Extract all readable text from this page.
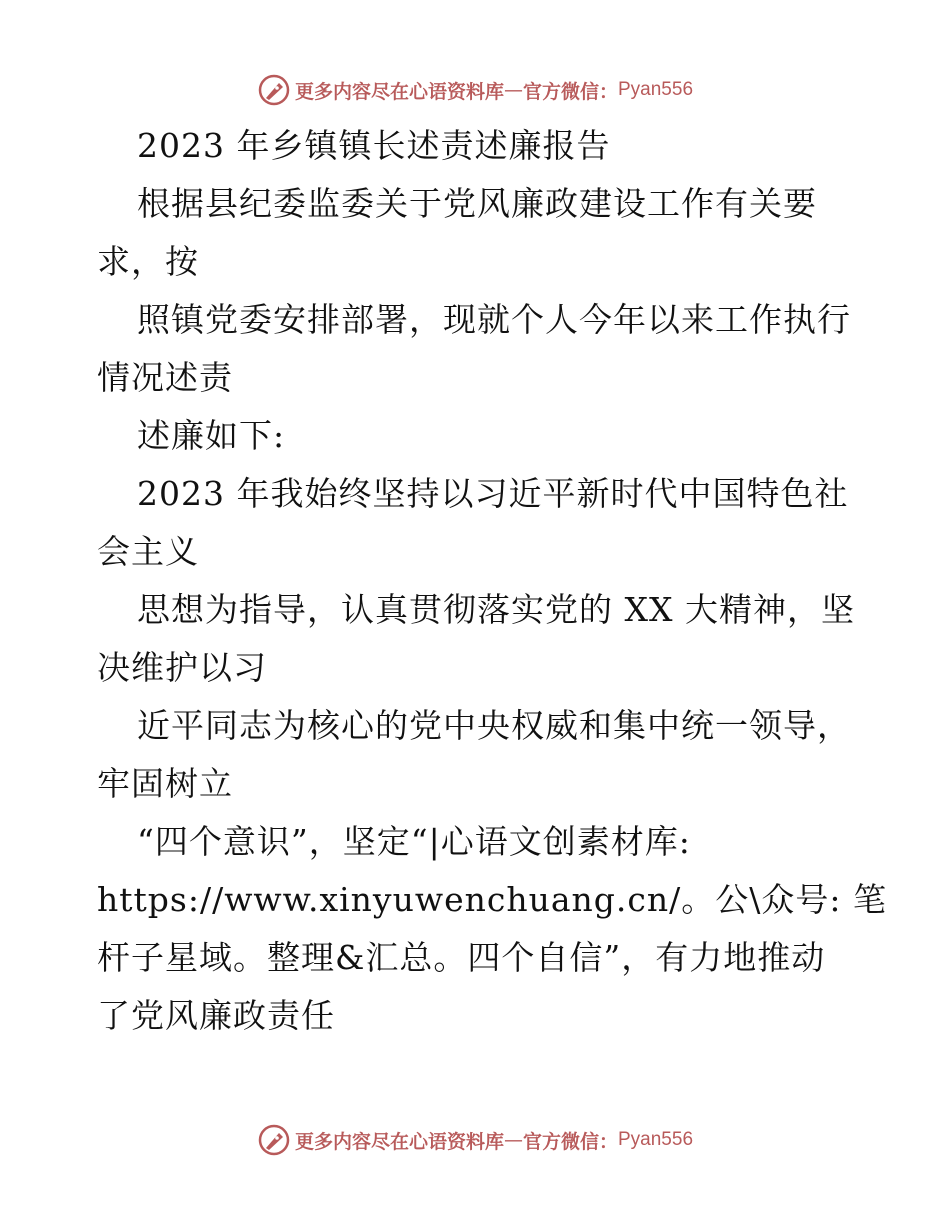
更多内容尽在心语资料库 — 官方微信： Pyan556
2023 年乡镇镇长述责述廉报告
根据县纪委监委关于党风廉政建设工作有关要
求，按
照镇党委安排部署，现就个人今年以来工作执行
情况述责
述廉如下:
2023 年我始终坚持以习近平新时代中国特色社
会主义
思想为指导，认真贯彻落实党的 XX 大精神，坚
决维护以习
近平同志为核心的党中央权威和集中统一领导，
牢固树立
“四个意识”，坚定“|心语文创素材库:
https://www.xinyuwenchuang.cn/。公\众号: 笔
杆子星域。整理&汇总。四个自信”，有力地推动
了党风廉政责任
更多内容尽在心语资料库 — 官方微信： Pyan556
